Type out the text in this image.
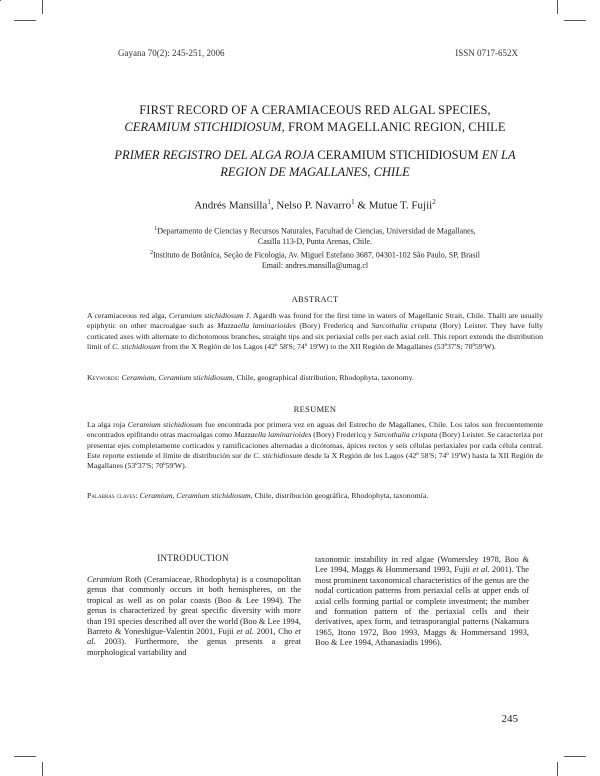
Gayana 70(2): 245-251, 2006	ISSN 0717-652X
FIRST RECORD OF A CERAMIACEOUS RED ALGAL SPECIES,
CERAMIUM STICHIDIOSUM, FROM MAGELLANIC REGION, CHILE
PRIMER REGISTRO DEL ALGA ROJA CERAMIUM STICHIDIOSUM EN LA
REGION DE MAGALLANES, CHILE
Andrés Mansilla$^1$, Nelso P. Navarro$^1$ & Mutue T. Fujii$^2$
$^1$Departamento de Ciencias y Recursos Naturales, Facultad de Ciencias, Universidad de Magallanes,
Casilla 113-D, Punta Arenas, Chile.
$^2$Instituto de Botânica, Seção de Ficologia, Av. Miguel Estefano 3687, 04301-102 São Paulo, SP, Brasil
Email: andres.mansilla@umag.cl
ABSTRACT
A ceramiaceous red alga, Ceramium stichidiosum J. Agardh was found for the first time in waters of Magellanic Strait, Chile. Thalli are usually epiphytic on other macroalgae such as Mazzaella laminarioides (Bory) Fredericq and Sarcothalia crispata (Bory) Leister. They have fully corticated axes with alternate to dichotomous branches, straight tips and six periaxial cells per each axial cell. This report extends the distribution limit of C. stichidiosum from the X Región de los Lagos (42º 58'S; 74º 19'W) to the XII Región de Magallanes (53º37'S; 70º59'W).
Keywords: Ceramium, Ceramium stichidiosum, Chile, geographical distribution, Rhodophyta, taxonomy.
RESUMEN
La alga roja Ceramium stichidiosum fue encontrada por primera vez en aguas del Estrecho de Magallanes, Chile. Los talos son frecuentemente encontrados epifitando otras macroalgas como Mazzaella laminarioides (Bory) Fredericq y Sarcothalia crispata (Bory) Leister. Se caracteriza por presentar ejes completamente corticados y ramificaciones alternadas a dicótomas, ápices rectos y seis células periaxiales por cada célula central. Este reporte extiende el límite de distribución sur de C. stichidiosum desde la X Región de los Lagos (42º 58'S; 74º 19'W) hasta la XII Región de Magallanes (53º37'S; 70º59'W).
Palabras claves: Ceramium, Ceramium stichidiosum, Chile, distribución geográfica, Rhodophyta, taxonomía.
INTRODUCTION
Ceramium Roth (Ceramiaceae, Rhodophyta) is a cosmopolitan genus that commonly occurs in both hemispheres, on the tropical as well as on polar coasts (Boo & Lee 1994). The genus is characterized by great specific diversity with more than 191 species described all over the world (Boo & Lee 1994, Barreto & Yoneshigue-Valentin 2001, Fujii et al. 2001, Cho et al. 2003). Furthermore, the genus presents a great morphological variability and
taxonomic instability in red algae (Womersley 1978, Boo & Lee 1994, Maggs & Hommersand 1993, Fujii et al. 2001). The most prominent taxonomical characteristics of the genus are the nodal cortication patterns from periaxial cells at upper ends of axial cells forming partial or complete investment; the number and formation pattern of the periaxial cells and their derivatives, apex form, and tetrasporangial patterns (Nakamura 1965, Itono 1972, Boo 1993, Maggs & Hommersand 1993, Boo & Lee 1994, Athanasiadis 1996).
245
